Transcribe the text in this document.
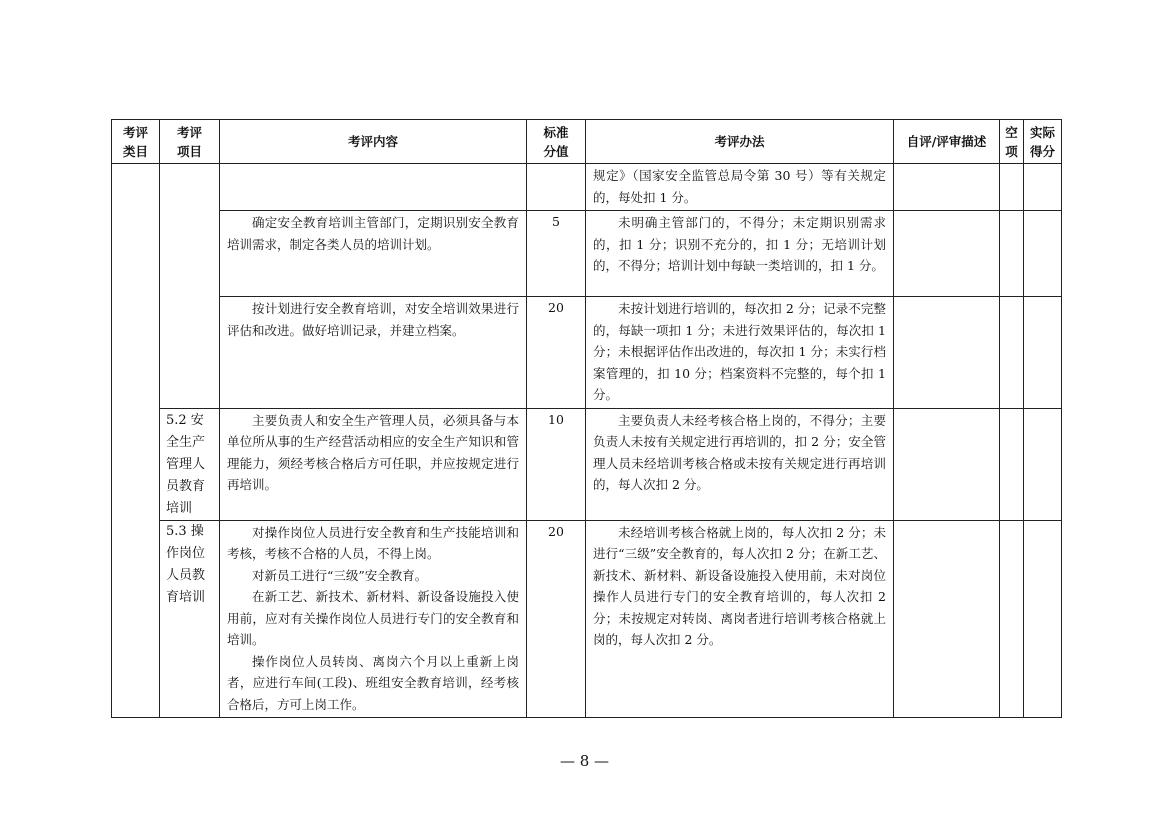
考评类目	考评项目	考评内容	标准分值	考评办法	自评/评审描述	空项	实际得分

				规定》（国家安全监管总局令第 30 号）等有关规定的，每处扣 1 分。			

		确定安全教育培训主管部门，定期识别安全教育培训需求，制定各类人员的培训计划。	5	未明确主管部门的，不得分；未定期识别需求的，扣 1 分；识别不充分的，扣 1 分；无培训计划的，不得分；培训计划中每缺一类培训的，扣 1 分。			

		按计划进行安全教育培训，对安全培训效果进行评估和改进。做好培训记录，并建立档案。	20	未按计划进行培训的，每次扣 2 分；记录不完整的，每缺一项扣 1 分；未进行效果评估的，每次扣 1 分；未根据评估作出改进的，每次扣 1 分；未实行档案管理的，扣 10 分；档案资料不完整的，每个扣 1 分。			

	5.2 安全生产管理人员教育培训	主要负责人和安全生产管理人员，必须具备与本单位所从事的生产经营活动相应的安全生产知识和管理能力，须经考核合格后方可任职，并应按规定进行再培训。	10	主要负责人未经考核合格上岗的，不得分；主要负责人未按有关规定进行再培训的，扣 2 分；安全管理人员未经培训考核合格或未按有关规定进行再培训的，每人次扣 2 分。			

	5.3 操作岗位人员教育培训	对操作岗位人员进行安全教育和生产技能培训和考核，考核不合格的人员，不得上岗。

对新员工进行“三级”安全教育。

在新工艺、新技术、新材料、新设备设施投入使用前，应对有关操作岗位人员进行专门的安全教育和培训。

操作岗位人员转岗、离岗六个月以上重新上岗者，应进行车间(工段)、班组安全教育培训，经考核合格后，方可上岗工作。	20	未经培训考核合格就上岗的，每人次扣 2 分；未进行“三级”安全教育的，每人次扣 2 分；在新工艺、新技术、新材料、新设备设施投入使用前，未对岗位操作人员进行专门的安全教育培训的，每人次扣 2 分；未按规定对转岗、离岗者进行培训考核合格就上岗的，每人次扣 2 分。			

— 8 —
